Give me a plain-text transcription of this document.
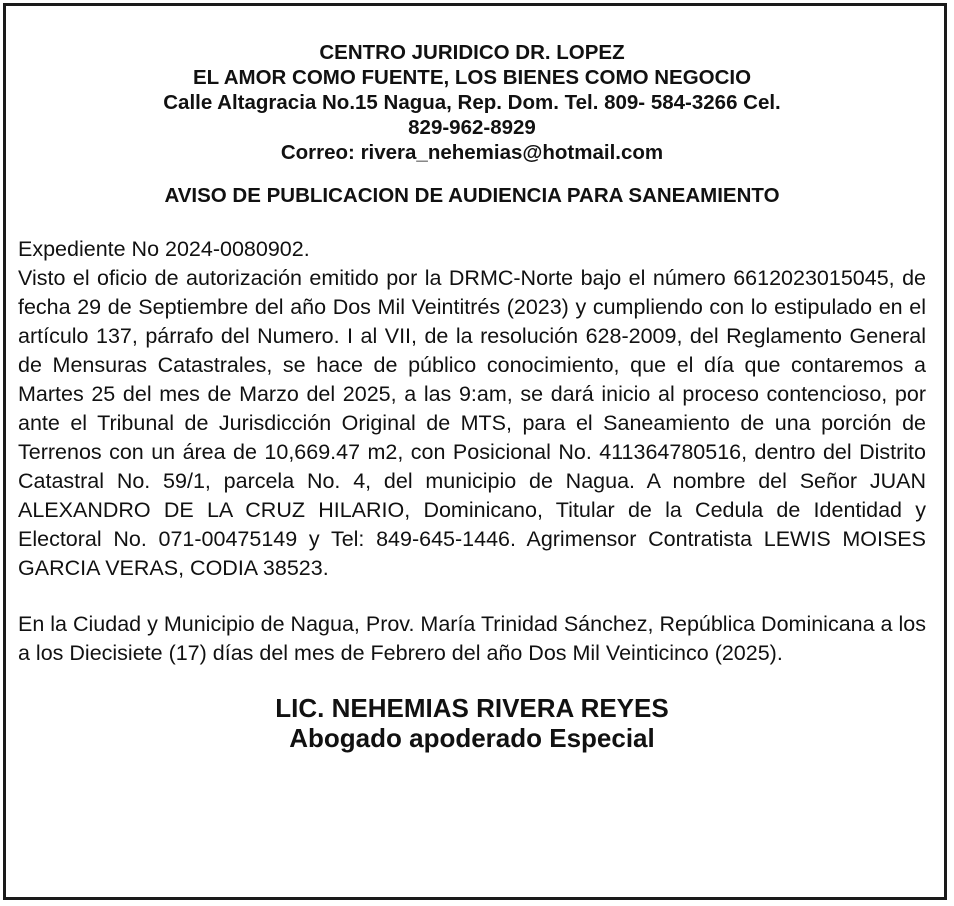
CENTRO JURIDICO DR. LOPEZ
EL AMOR COMO FUENTE, LOS BIENES COMO NEGOCIO
Calle Altagracia No.15 Nagua, Rep. Dom. Tel. 809- 584-3266 Cel.
829-962-8929
Correo: rivera_nehemias@hotmail.com
AVISO DE PUBLICACION DE AUDIENCIA PARA SANEAMIENTO

Expediente No 2024-0080902.

Visto el oficio de autorización emitido por la DRMC-Norte bajo el número 6612023015045, de fecha 29 de Septiembre del año Dos Mil Veintitrés (2023) y cumpliendo con lo estipulado en el artículo 137, párrafo del Numero. I al VII, de la resolución 628-2009, del Reglamento General de Mensuras Catastrales, se hace de público conocimiento, que el día que contaremos a Martes 25 del mes de Marzo del 2025, a las 9:am, se dará inicio al proceso contencioso, por ante el Tribunal de Jurisdicción Original de MTS, para el Saneamiento de una porción de Terrenos con un área de 10,669.47 m2, con Posicional No. 411364780516, dentro del Distrito Catastral No. 59/1, parcela No. 4, del municipio de Nagua. A nombre del Señor JUAN ALEXANDRO DE LA CRUZ HILARIO, Dominicano, Titular de la Cedula de Identidad y Electoral No. 071-00475149 y Tel: 849-645-1446. Agrimensor Contratista LEWIS MOISES GARCIA VERAS, CODIA 38523.

En la Ciudad y Municipio de Nagua, Prov. María Trinidad Sánchez, República Dominicana a los a los Diecisiete (17) días del mes de Febrero del año Dos Mil Veinticinco (2025).
LIC. NEHEMIAS RIVERA REYES
Abogado apoderado Especial
